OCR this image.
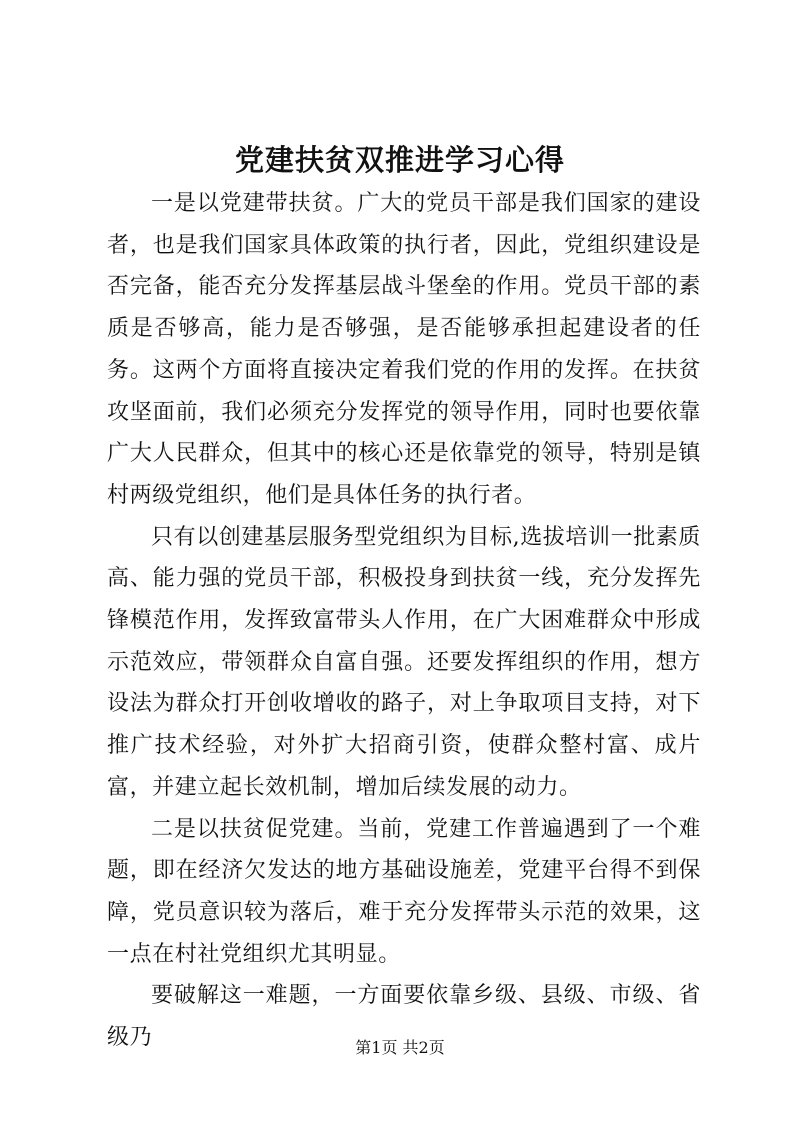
党建扶贫双推进学习心得

一是以党建带扶贫。广大的党员干部是我们国家的建设者，也是我们国家具体政策的执行者，因此，党组织建设是否完备，能否充分发挥基层战斗堡垒的作用。党员干部的素质是否够高，能力是否够强，是否能够承担起建设者的任务。这两个方面将直接决定着我们党的作用的发挥。在扶贫攻坚面前，我们必须充分发挥党的领导作用，同时也要依靠广大人民群众，但其中的核心还是依靠党的领导，特别是镇村两级党组织，他们是具体任务的执行者。

只有以创建基层服务型党组织为目标,选拔培训一批素质高、能力强的党员干部，积极投身到扶贫一线，充分发挥先锋模范作用，发挥致富带头人作用，在广大困难群众中形成示范效应，带领群众自富自强。还要发挥组织的作用，想方设法为群众打开创收增收的路子，对上争取项目支持，对下推广技术经验，对外扩大招商引资，使群众整村富、成片富，并建立起长效机制，增加后续发展的动力。

二是以扶贫促党建。当前，党建工作普遍遇到了一个难题，即在经济欠发达的地方基础设施差，党建平台得不到保障，党员意识较为落后，难于充分发挥带头示范的效果，这一点在村社党组织尤其明显。

要破解这一难题，一方面要依靠乡级、县级、市级、省级乃	第1页 共2页
